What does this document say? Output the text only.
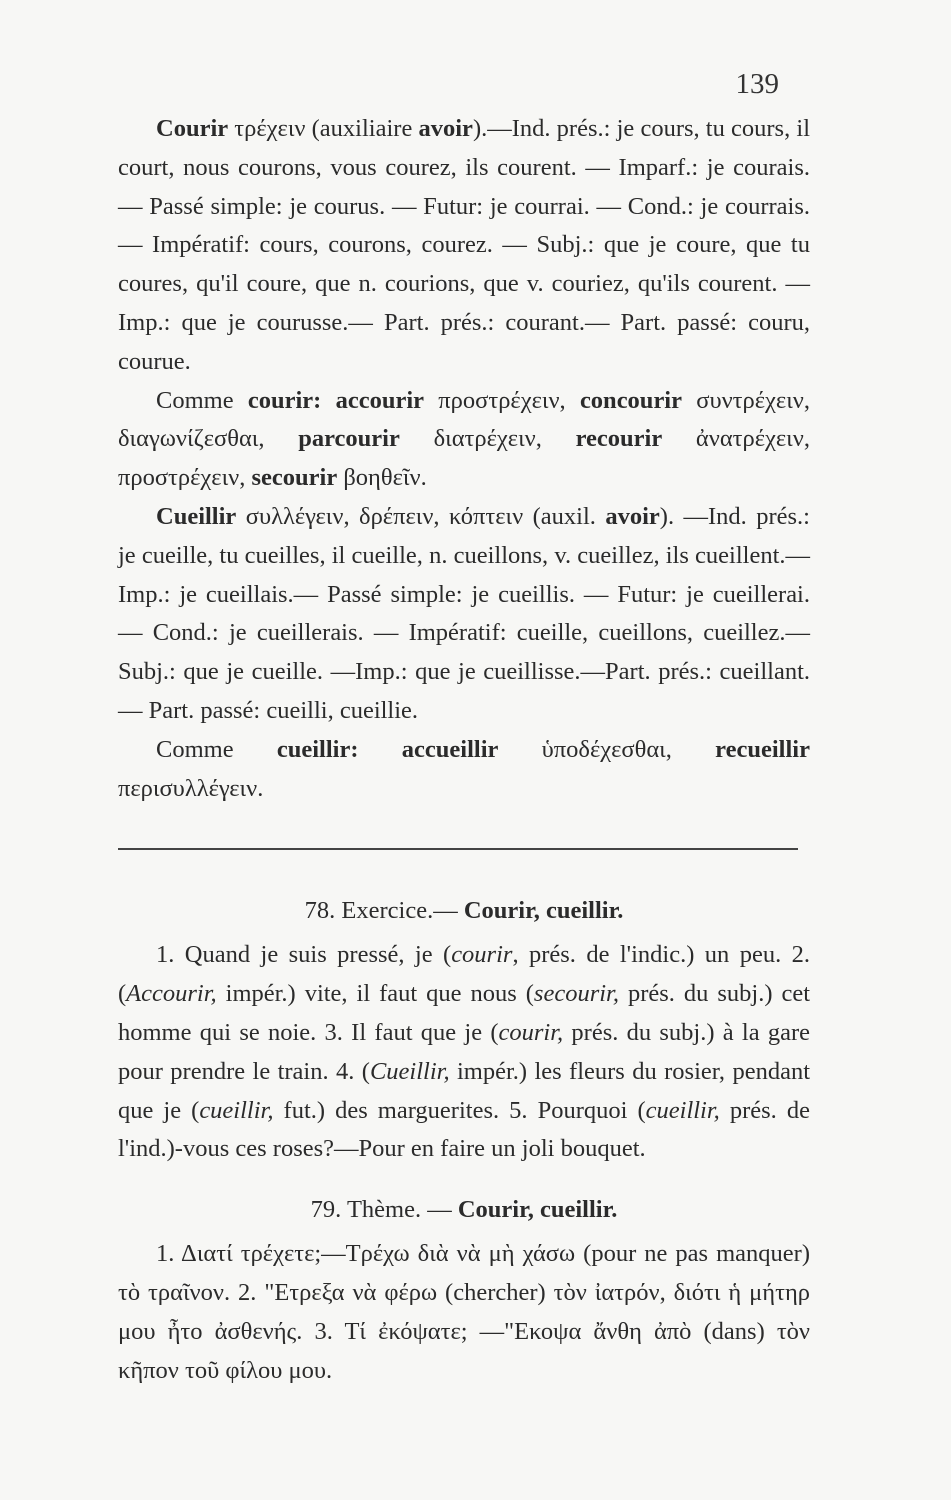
139

Courir τρέχειν (auxiliaire avoir).—Ind. prés.: je cours, tu cours, il court, nous courons, vous courez, ils courent. — Imparf.: je courais. — Passé simple: je courus. — Futur: je courrai. — Cond.: je courrais. — Impératif: cours, courons, courez. — Subj.: que je coure, que tu coures, qu'il coure, que n. courions, que v. couriez, qu'ils courent. —Imp.: que je courusse.— Part. prés.: courant.— Part. passé: couru, courue.

Comme courir: accourir προστρέχειν, concourir συντρέχειν, διαγωνίζεσθαι, parcourir διατρέχειν, recourir ἀνατρέχειν, προστρέχειν, secourir βοηθεῖν.

Cueillir συλλέγειν, δρέπειν, κόπτειν (auxil. avoir). —Ind. prés.: je cueille, tu cueilles, il cueille, n. cueillons, v. cueillez, ils cueillent.—Imp.: je cueillais.— Passé simple: je cueillis. — Futur: je cueillerai. — Cond.: je cueillerais. — Impératif: cueille, cueillons, cueillez.—Subj.: que je cueille. —Imp.: que je cueillisse.—Part. prés.: cueillant.— Part. passé: cueilli, cueillie.

Comme cueillir: accueillir ὑποδέχεσθαι, recueillir περισυλλέγειν.

78. Exercice.— Courir, cueillir.

1. Quand je suis pressé, je (courir, prés. de l'indic.) un peu. 2. (Accourir, impér.) vite, il faut que nous (secourir, prés. du subj.) cet homme qui se noie. 3. Il faut que je (courir, prés. du subj.) à la gare pour prendre le train. 4. (Cueillir, impér.) les fleurs du rosier, pendant que je (cueillir, fut.) des marguerites. 5. Pourquoi (cueillir, prés. de l'ind.)-vous ces roses?—Pour en faire un joli bouquet.

79. Thème. — Courir, cueillir.

1. Διατί τρέχετε;—Τρέχω διὰ νὰ μὴ χάσω (pour ne pas manquer) τὸ τραῖνον. 2. "Ετρεξα νὰ φέρω (chercher) τὸν ἰατρόν, διότι ἡ μήτηρ μου ἦτο ἀσθενής. 3. Τί ἐκόψατε; —"Εκοψα ἄνθη ἀπὸ (dans) τὸν κῆπον τοῦ φίλου μου.
